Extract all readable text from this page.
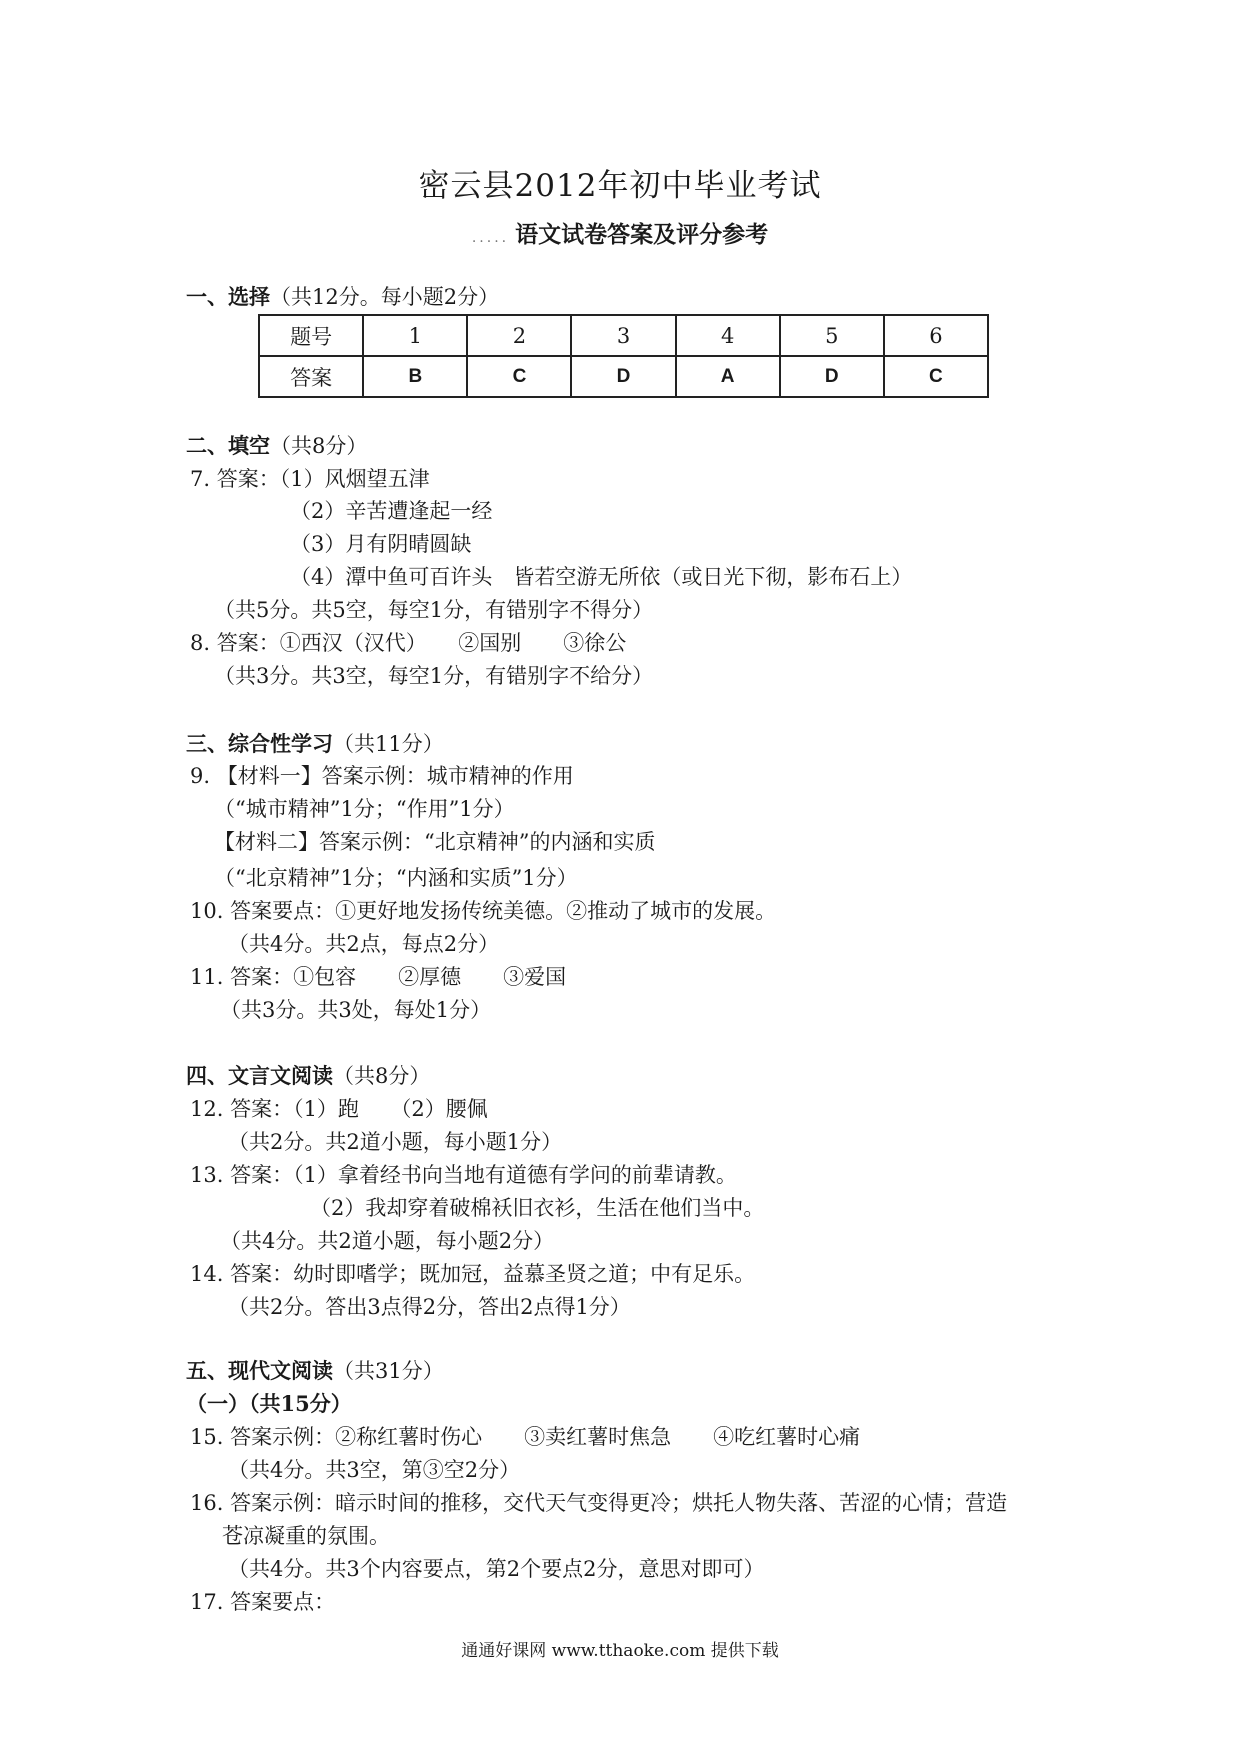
密云县2012年初中毕业考试
..... 语文试卷答案及评分参考
一、选择（共12分。每小题2分）
题号	1	2	3	4	5	6
答案	B	C	D	A	D	C
二、填空（共8分）
7. 答案：（1）风烟望五津
（2）辛苦遭逢起一经
（3）月有阴晴圆缺
（4）潭中鱼可百许头　皆若空游无所依（或日光下彻，影布石上）
（共5分。共5空，每空1分，有错别字不得分）
8. 答案：①西汉（汉代）　　②国别　　③徐公
（共3分。共3空，每空1分，有错别字不给分）
三、综合性学习（共11分）
9. 【材料一】答案示例：城市精神的作用
（“城市精神”1分；“作用”1分）
【材料二】答案示例：“北京精神”的内涵和实质
（“北京精神”1分；“内涵和实质”1分）
10. 答案要点：①更好地发扬传统美德。②推动了城市的发展。
（共4分。共2点，每点2分）
11. 答案：①包容　　②厚德　　③爱国
（共3分。共3处，每处1分）
四、文言文阅读（共8分）
12. 答案：（1）跑　　（2）腰佩
（共2分。共2道小题，每小题1分）
13. 答案：（1）拿着经书向当地有道德有学问的前辈请教。
（2）我却穿着破棉袄旧衣衫，生活在他们当中。
（共4分。共2道小题，每小题2分）
14. 答案：幼时即嗜学；既加冠，益慕圣贤之道；中有足乐。
（共2分。答出3点得2分，答出2点得1分）
五、现代文阅读（共31分）
（一）（共15分）
15. 答案示例：②称红薯时伤心　　③卖红薯时焦急　　④吃红薯时心痛
（共4分。共3空，第③空2分）
16. 答案示例：暗示时间的推移，交代天气变得更冷；烘托人物失落、苦涩的心情；营造
苍凉凝重的氛围。
（共4分。共3个内容要点，第2个要点2分，意思对即可）
17. 答案要点：
通通好课网 www.tthaoke.com 提供下载
